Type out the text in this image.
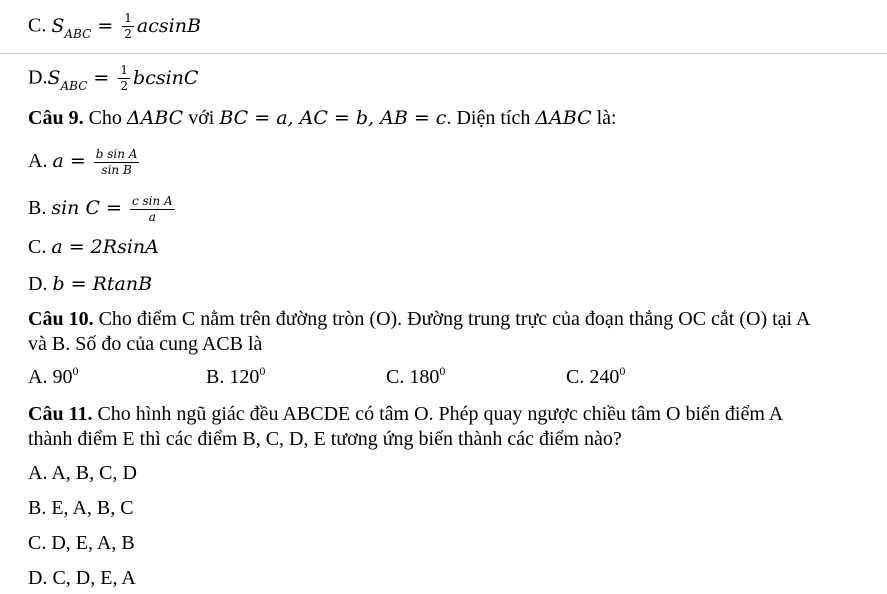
C. $S_{ABC} = \frac{1}{2}$ acsinB
$D.S_{ABC} = \frac{1}{2}$ bcsinC
Câu 9. Cho ΔABC với BC = a, AC = b, AB = c. Diện tích ΔABC là:
A. $a = \frac{\text{b sin A}}{\text{sin B}}$
B. $\sin C = \frac{\text{c sin A}}{a}$
C. a = 2RsinA
D. b = RtanB
Câu 10. Cho điểm C nằm trên đường tròn (O). Đường trung trực của đoạn thẳng OC cắt (O) tại A
và B. Số đo của cung ACB là
A. $90^0$	B. $120^0$	C. $180^0$	C. $240^0$
Câu 11. Cho hình ngũ giác đều ABCDE có tâm O. Phép quay ngược chiều tâm O biến điểm A
thành điểm E thì các điểm B, C, D, E tương ứng biến thành các điểm nào?
A. A, B, C, D
B. E, A, B, C
C. D, E, A, B
D. C, D, E, A
